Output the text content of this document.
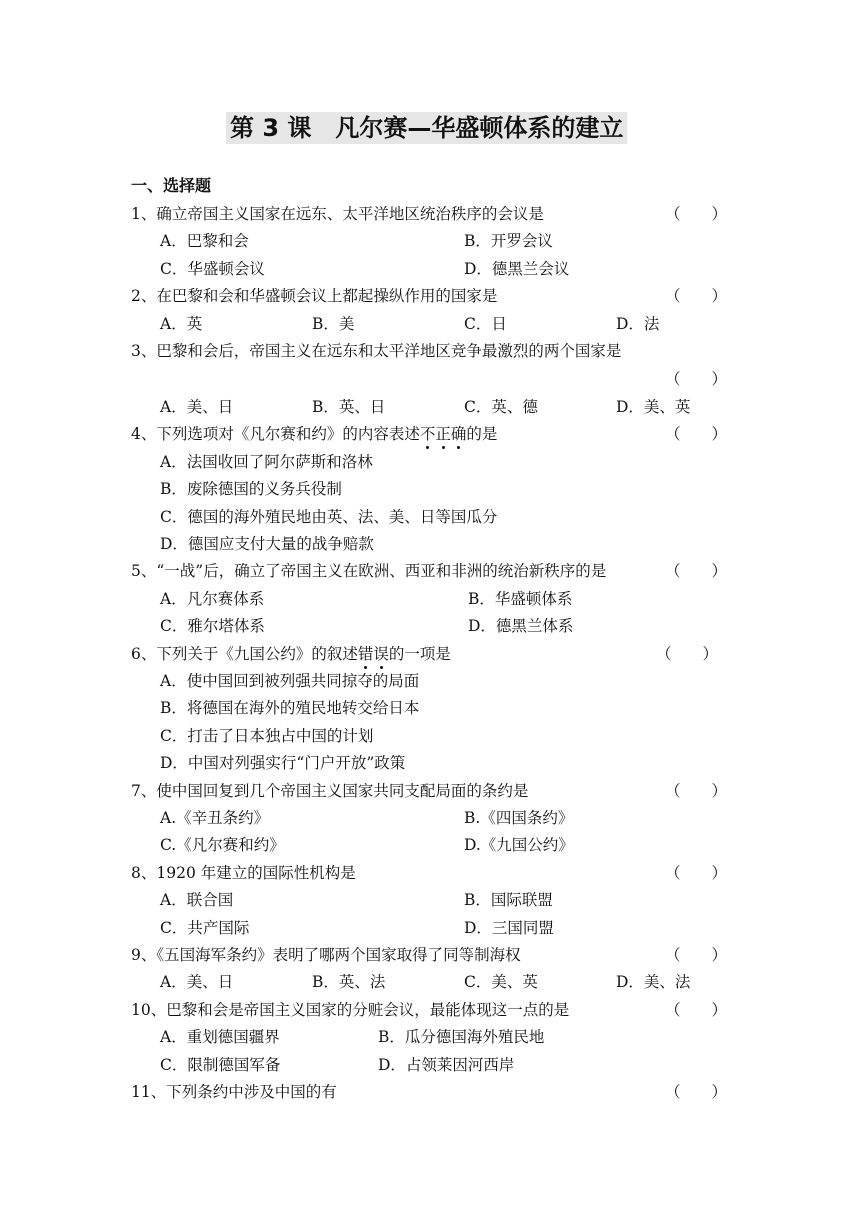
第 3 课　凡尔赛—华盛顿体系的建立
一、选择题
1、确立帝国主义国家在远东、太平洋地区统治秩序的会议是	（　　）
A．巴黎和会	B．开罗会议
C．华盛顿会议	D．德黑兰会议
2、在巴黎和会和华盛顿会议上都起操纵作用的国家是	（　　）
A．英	B．美	C．日	D．法
3、巴黎和会后，帝国主义在远东和太平洋地区竞争最激烈的两个国家是
（　　）
A．美、日	B．英、日	C．英、德	D．美、英
4、下列选项对《凡尔赛和约》的内容表述不正确的是	（　　）
A．法国收回了阿尔萨斯和洛林
B．废除德国的义务兵役制
C．德国的海外殖民地由英、法、美、日等国瓜分
D．德国应支付大量的战争赔款
5、“一战”后，确立了帝国主义在欧洲、西亚和非洲的统治新秩序的是	（　　）
A．凡尔赛体系	B．华盛顿体系
C．雅尔塔体系	D．德黑兰体系
6、下列关于《九国公约》的叙述错误的一项是	（　　）
A．使中国回到被列强共同掠夺的局面
B．将德国在海外的殖民地转交给日本
C．打击了日本独占中国的计划
D．中国对列强实行“门户开放”政策
7、使中国回复到几个帝国主义国家共同支配局面的条约是	（　　）
A.《辛丑条约》	B.《四国条约》
C.《凡尔赛和约》	D.《九国公约》
8、1920 年建立的国际性机构是	（　　）
A．联合国	B．国际联盟
C．共产国际	D．三国同盟
9、《五国海军条约》表明了哪两个国家取得了同等制海权	（　　）
A．美、日	B．英、法	C．美、英	D．美、法
10、巴黎和会是帝国主义国家的分赃会议，最能体现这一点的是	（　　）
A．重划德国疆界	B．瓜分德国海外殖民地
C．限制德国军备	D．占领莱因河西岸
11、下列条约中涉及中国的有	（　　）
